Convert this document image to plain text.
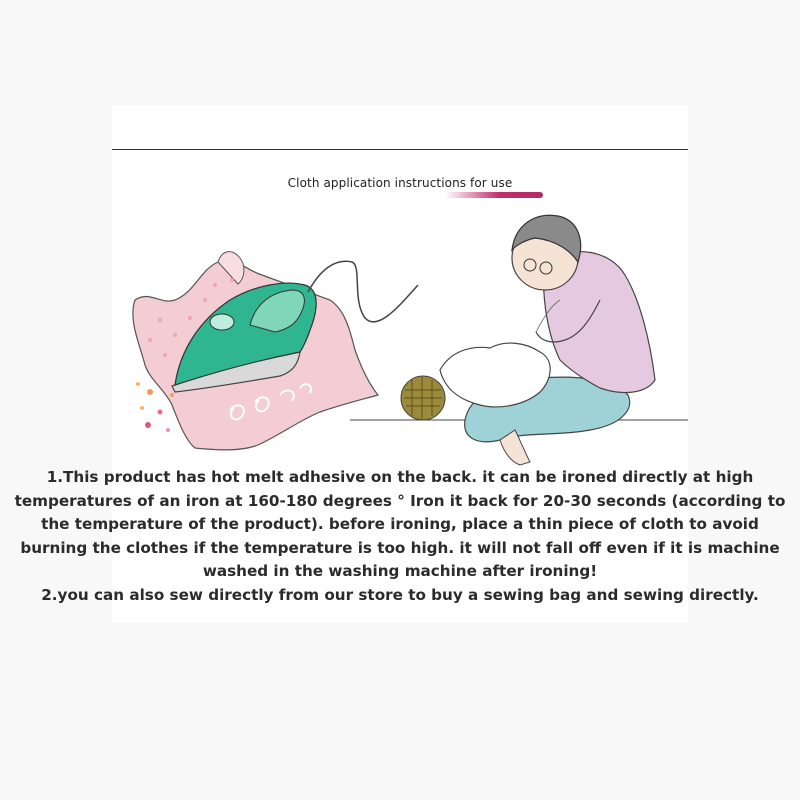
Cloth application instructions for use

1.This product has hot melt adhesive on the back. it can be ironed directly at high temperatures of an iron at 160-180 degrees ° Iron it back for 20-30 seconds (according to the temperature of the product). before ironing, place a thin piece of cloth to avoid burning the clothes if the temperature is too high. it will not fall off even if it is machine washed in the washing machine after ironing!

2.you can also sew directly from our store to buy a sewing bag and sewing directly.
